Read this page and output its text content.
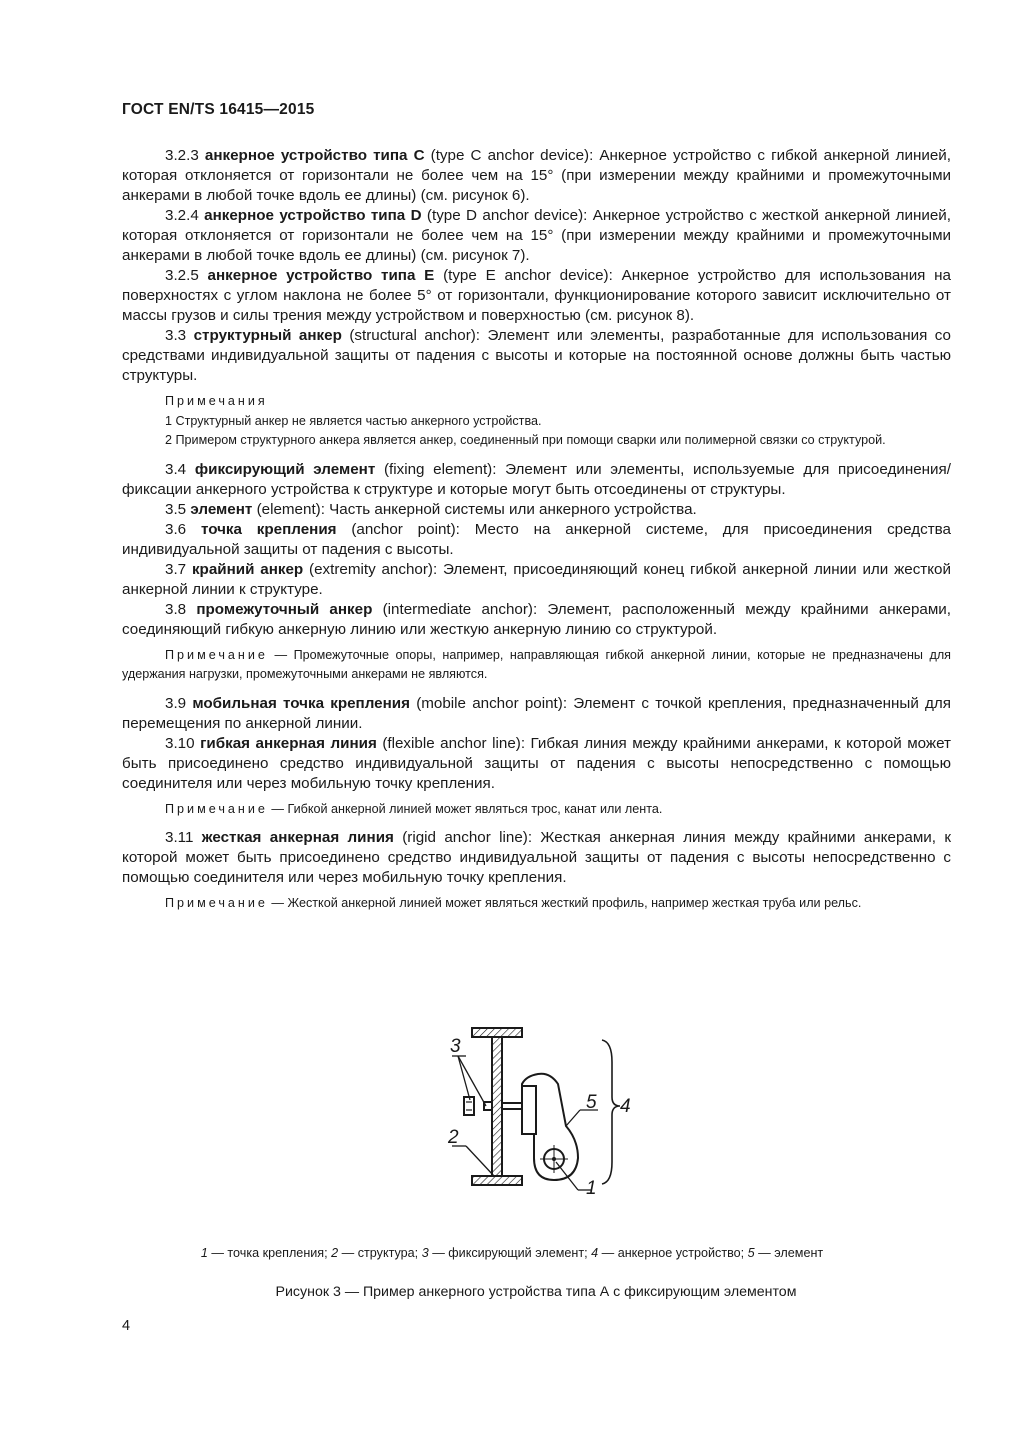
ГОСТ EN/TS 16415—2015

3.2.3 анкерное устройство типа C (type C anchor device): Анкерное устройство с гибкой анкерной линией, которая отклоняется от горизонтали не более чем на 15° (при измерении между крайними и промежуточными анкерами в любой точке вдоль ее длины) (см. рисунок 6).

3.2.4 анкерное устройство типа D (type D anchor device): Анкерное устройство с жесткой анкерной линией, которая отклоняется от горизонтали не более чем на 15° (при измерении между крайними и промежуточными анкерами в любой точке вдоль ее длины) (см. рисунок 7).

3.2.5 анкерное устройство типа E (type E anchor device): Анкерное устройство для использования на поверхностях с углом наклона не более 5° от горизонтали, функционирование которого зависит исключительно от массы грузов и силы трения между устройством и поверхностью (см. рисунок 8).

3.3 структурный анкер (structural anchor): Элемент или элементы, разработанные для использования со средствами индивидуальной защиты от падения с высоты и которые на постоянной основе должны быть частью структуры.

Примечания

1 Структурный анкер не является частью анкерного устройства.

2 Примером структурного анкера является анкер, соединенный при помощи сварки или полимерной связки со структурой.

3.4 фиксирующий элемент (fixing element): Элемент или элементы, используемые для присоединения/фиксации анкерного устройства к структуре и которые могут быть отсоединены от структуры.

3.5 элемент (element): Часть анкерной системы или анкерного устройства.

3.6 точка крепления (anchor point): Место на анкерной системе, для присоединения средства индивидуальной защиты от падения с высоты.

3.7 крайний анкер (extremity anchor): Элемент, присоединяющий конец гибкой анкерной линии или жесткой анкерной линии к структуре.

3.8 промежуточный анкер (intermediate anchor): Элемент, расположенный между крайними анкерами, соединяющий гибкую анкерную линию или жесткую анкерную линию со структурой.

Примечание — Промежуточные опоры, например, направляющая гибкой анкерной линии, которые не предназначены для удержания нагрузки, промежуточными анкерами не являются.

3.9 мобильная точка крепления (mobile anchor point): Элемент с точкой крепления, предназначенный для перемещения по анкерной линии.

3.10 гибкая анкерная линия (flexible anchor line): Гибкая линия между крайними анкерами, к которой может быть присоединено средство индивидуальной защиты от падения с высоты непосредственно с помощью соединителя или через мобильную точку крепления.

Примечание — Гибкой анкерной линией может являться трос, канат или лента.

3.11 жесткая анкерная линия (rigid anchor line): Жесткая анкерная линия между крайними анкерами, к которой может быть присоединено средство индивидуальной защиты от падения с высоты непосредственно с помощью соединителя или через мобильную точку крепления.

Примечание — Жесткой анкерной линией может являться жесткий профиль, например жесткая труба или рельс.

3
2
5 4
1
1 — точка крепления; 2 — структура; 3 — фиксирующий элемент; 4 — анкерное устройство; 5 — элемент
Рисунок 3 — Пример анкерного устройства типа А с фиксирующим элементом
4
